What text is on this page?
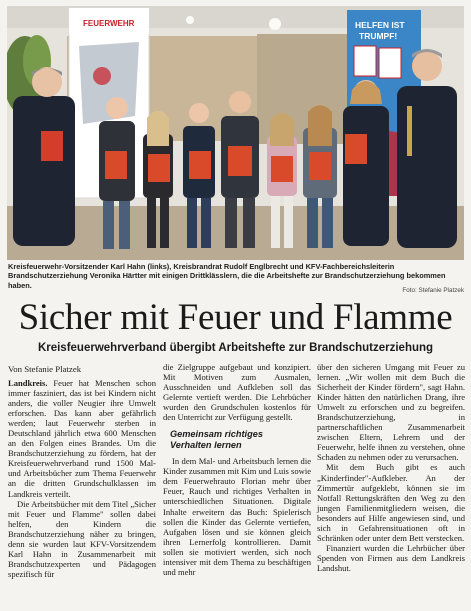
FEUERWEHR	HELFEN IST
TRUMPF!
Kreisfeuerwehr-Vorsitzender Karl Hahn (links), Kreisbrandrat Rudolf Englbrecht und KFV-Fachbereichsleiterin Brandschutzerziehung Veronika Härtter mit einigen Drittklässlern, die die Arbeitshefte zur Brandschutzerziehung bekommen haben.
Foto: Stefanie Platzek
Sicher mit Feuer und Flamme
Kreisfeuerwehrverband übergibt Arbeitshefte zur Brandschutzerziehung
Von Stefanie Platzek

Landkreis. Feuer hat Menschen schon immer fasziniert, das ist bei Kindern nicht anders, die voller Neugier ihre Umwelt erforschen. Das kann aber gefährlich werden; laut Feuerwehr sterben in Deutschland jährlich etwa 600 Menschen an den Folgen eines Brandes. Um die Brandschutzerziehung zu fördern, hat der Kreisfeuerwehrverband rund 1500 Mal- und Arbeitsbücher zum Thema Feuerwehr an die dritten Grundschulklassen im Landkreis verteilt.

Die Arbeitsbücher mit dem Titel „Sicher mit Feuer und Flamme" sollen dabei helfen, den Kindern die Brandschutzerziehung näher zu bringen, denn sie wurden laut KFV-Vorsitzendem Karl Hahn in Zusammenarbeit mit Brandschutzexperten und Pädagogen spezifisch für

die Zielgruppe aufgebaut und konzipiert. Mit Motiven zum Ausmalen, Ausschneiden und Aufkleben soll das Gelernte vertieft werden. Die Lehrbücher wurden den Grundschulen kostenlos für den Unterricht zur Verfügung gestellt.

Gemeinsam richtiges
Verhalten lernen

In dem Mal- und Arbeitsbuch lernen die Kinder zusammen mit Kim und Luis sowie dem Feuerwehrauto Florian mehr über Feuer, Rauch und richtiges Verhalten in unterschiedlichen Situationen. Digitale Inhalte erweitern das Buch: Spielerisch sollen die Kinder das Gelernte vertiefen, Aufgaben lösen und sie können gleich ihren Lernerfolg kontrollieren. Damit sollen sie motiviert werden, sich noch intensiver mit dem Thema zu beschäftigen und mehr

über den sicheren Umgang mit Feuer zu lernen. „Wir wollen mit dem Buch die Sicherheit der Kinder fördern", sagt Hahn. Kinder hätten den natürlichen Drang, ihre Umwelt zu erforschen und zu begreifen. Brandschutzerziehung, in partnerschaftlichen Zusammenarbeit zwischen Eltern, Lehrern und der Feuerwehr, helfe ihnen zu verstehen, ohne Schaden zu nehmen oder zu verursachen.

Mit dem Buch gibt es auch „Kinderfinder"-Aufkleber. An der Zimmertür aufgeklebt, können sie im Notfall Rettungskräften den Weg zu den jungen Familienmitgliedern weisen, die besonders auf Hilfe angewiesen sind, und sich in Gefahrensituationen oft in Schränken oder unter dem Bett verstecken.

Finanziert wurden die Lehrbücher über Spenden von Firmen aus dem Landkreis Landshut.
